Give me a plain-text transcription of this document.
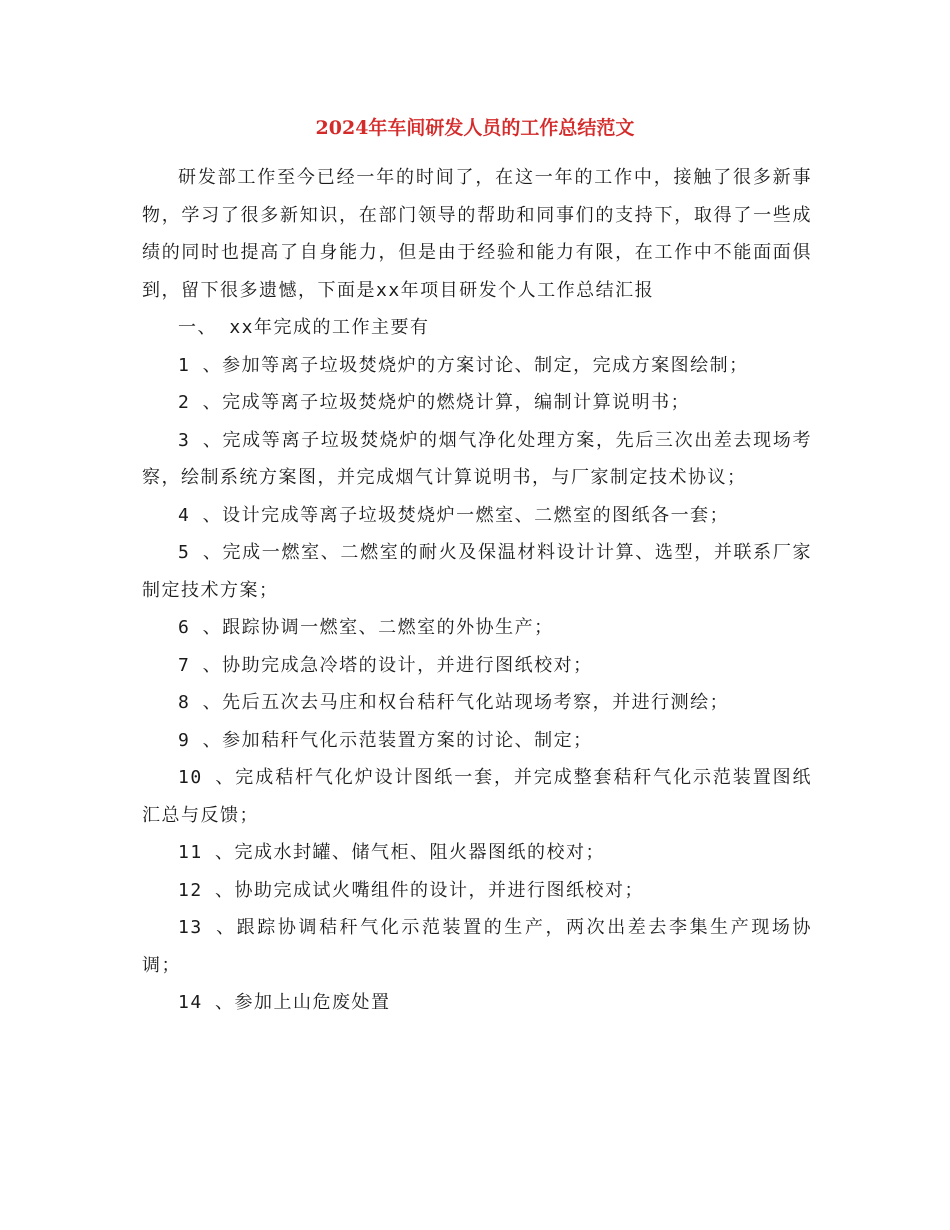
2024年车间研发人员的工作总结范文

研发部工作至今已经一年的时间了，在这一年的工作中，接触了很多新事物，学习了很多新知识，在部门领导的帮助和同事们的支持下，取得了一些成绩的同时也提高了自身能力，但是由于经验和能力有限，在工作中不能面面俱到，留下很多遗憾，下面是xx年项目研发个人工作总结汇报

一、 xx年完成的工作主要有

1 、参加等离子垃圾焚烧炉的方案讨论、制定，完成方案图绘制；

2 、完成等离子垃圾焚烧炉的燃烧计算，编制计算说明书；

3 、完成等离子垃圾焚烧炉的烟气净化处理方案，先后三次出差去现场考察，绘制系统方案图，并完成烟气计算说明书，与厂家制定技术协议；

4 、设计完成等离子垃圾焚烧炉一燃室、二燃室的图纸各一套；

5 、完成一燃室、二燃室的耐火及保温材料设计计算、选型，并联系厂家制定技术方案；

6 、跟踪协调一燃室、二燃室的外协生产；

7 、协助完成急冷塔的设计，并进行图纸校对；

8 、先后五次去马庄和权台秸秆气化站现场考察，并进行测绘；

9 、参加秸秆气化示范装置方案的讨论、制定；

10 、完成秸杆气化炉设计图纸一套，并完成整套秸秆气化示范装置图纸汇总与反馈；

11 、完成水封罐、储气柜、阻火器图纸的校对；

12 、协助完成试火嘴组件的设计，并进行图纸校对；

13 、跟踪协调秸秆气化示范装置的生产，两次出差去李集生产现场协调；

14 、参加上山危废处置
